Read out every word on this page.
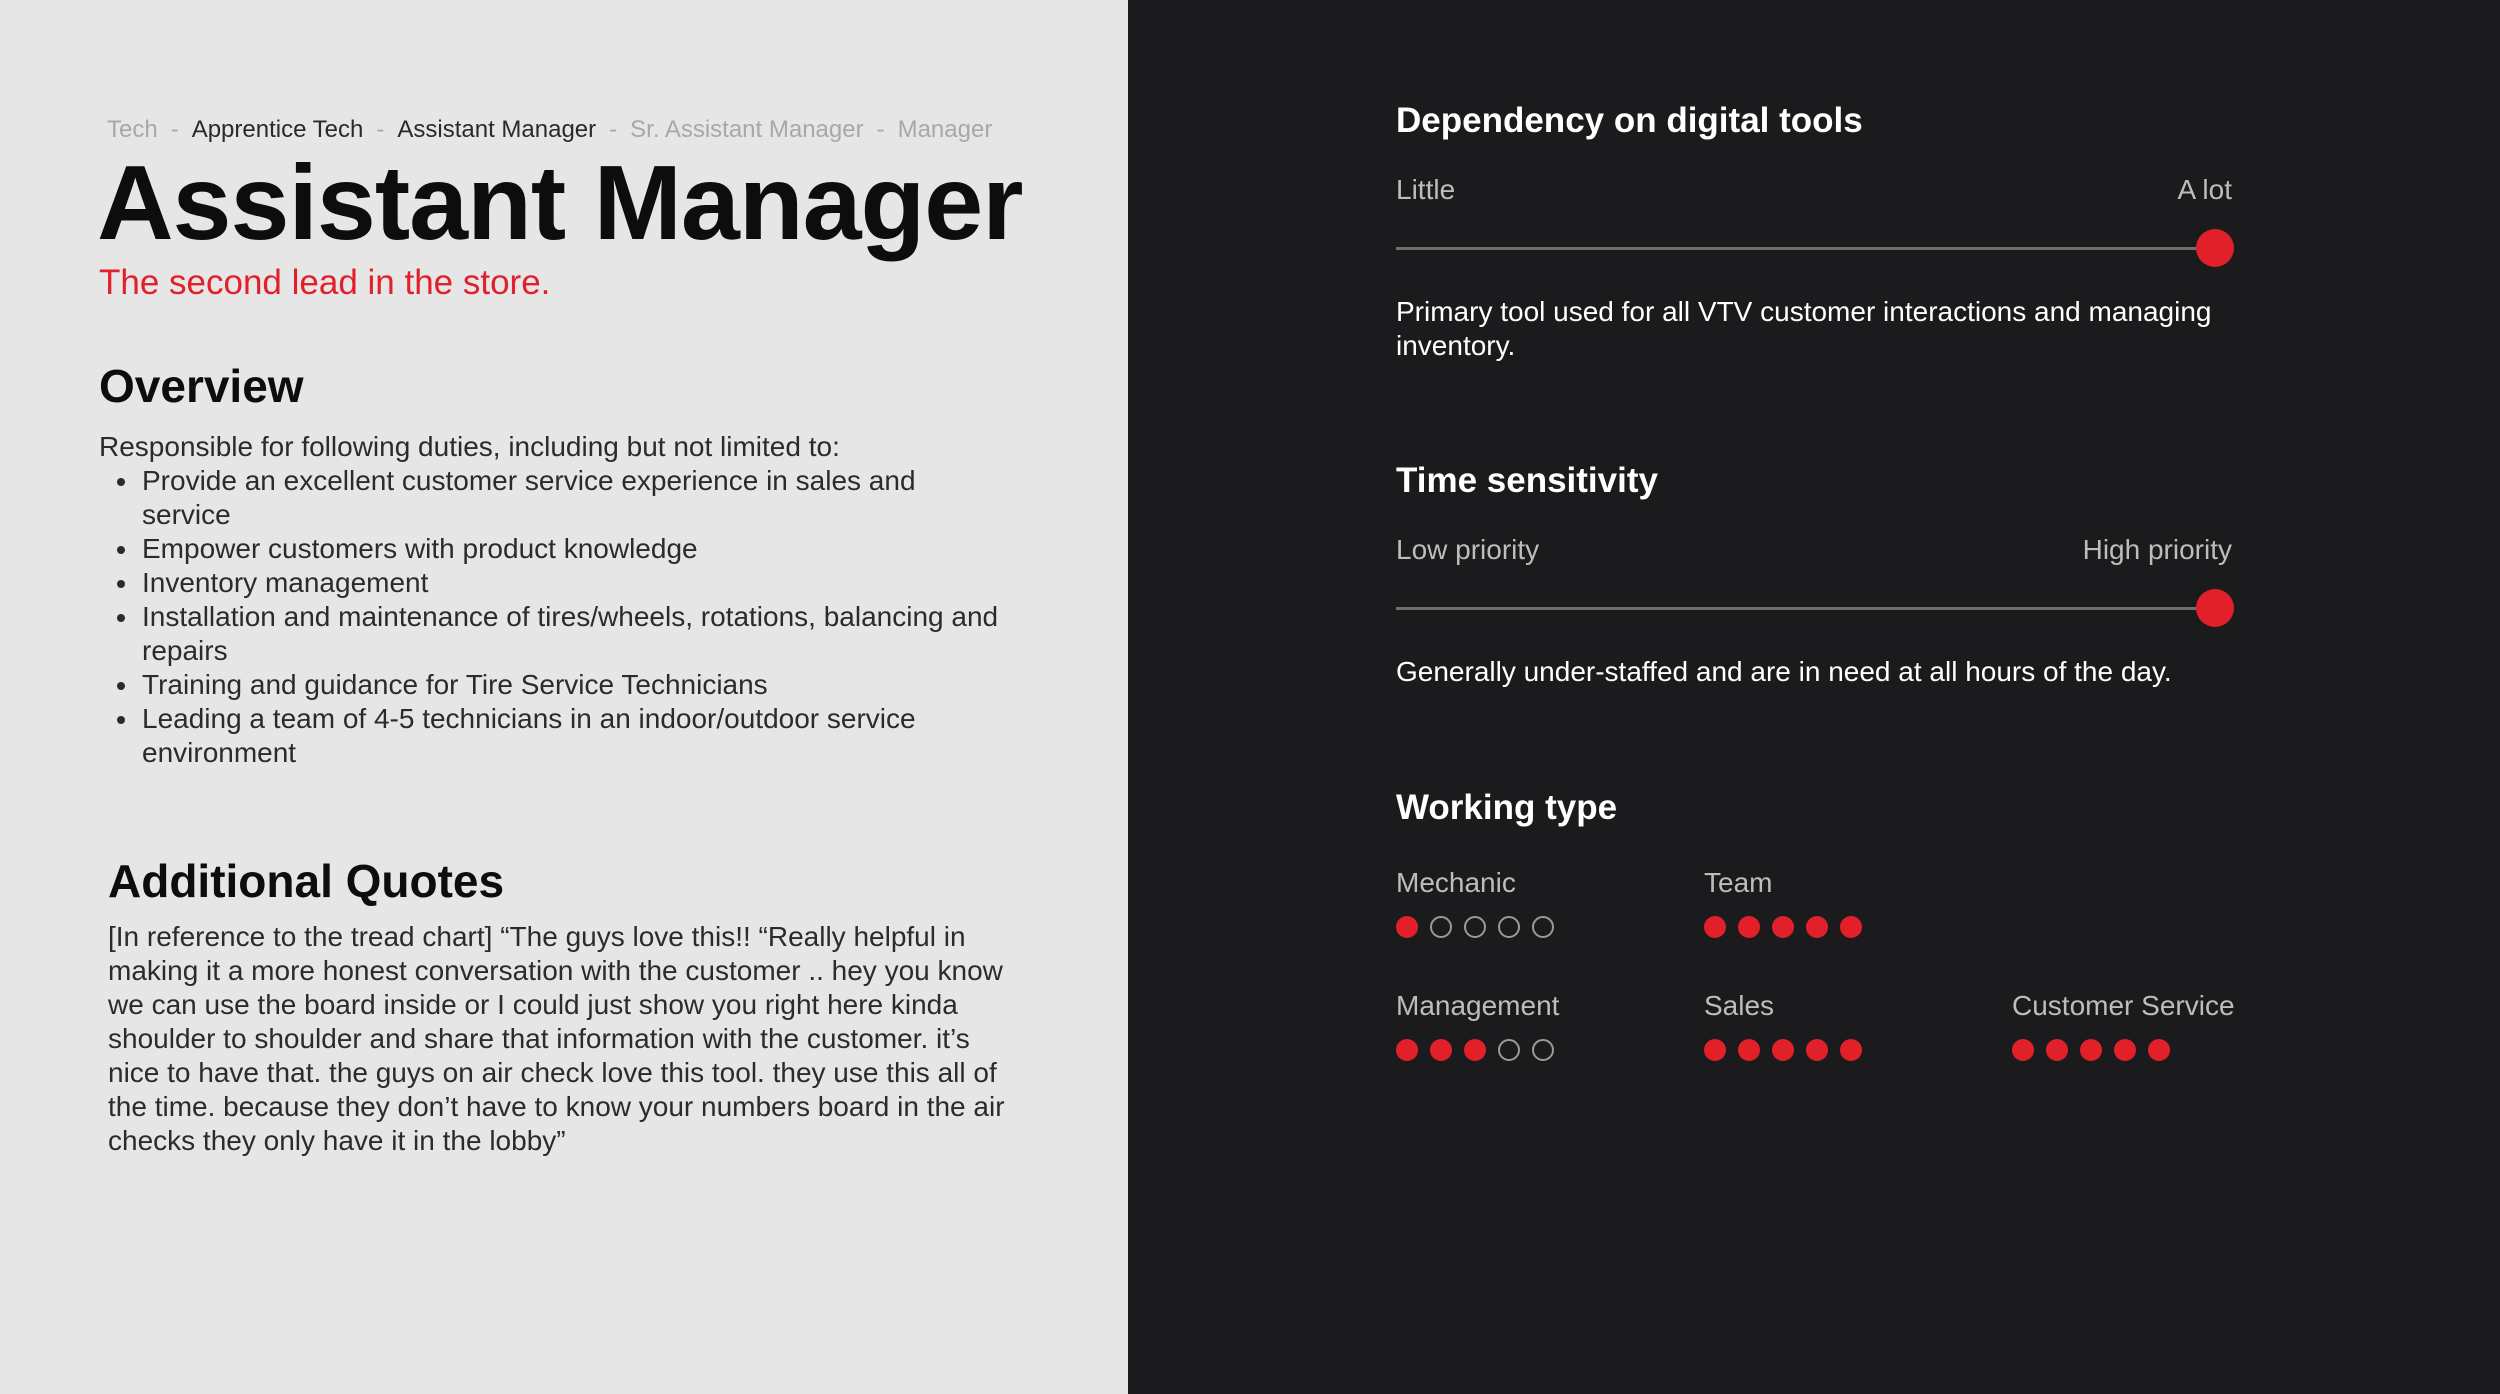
Tech - Apprentice Tech - Assistant Manager - Sr. Assistant Manager - Manager
Assistant Manager
The second lead in the store.
Overview
Responsible for following duties, including but not limited to:
Provide an excellent customer service experience in sales and service
Empower customers with product knowledge
Inventory management
Installation and maintenance of tires/wheels, rotations, balancing and repairs
Training and guidance for Tire Service Technicians
Leading a team of 4-5 technicians in an indoor/outdoor service environment
Additional Quotes

[In reference to the tread chart] “The guys love this!! “Really helpful in making it a more honest conversation with the customer .. hey you know we can use the board inside or I could just show you right here kinda shoulder to shoulder and share that information with the customer. it’s nice to have that. the guys on air check love this tool. they use this all of the time. because they don’t have to know your numbers board in the air checks they only have it in the lobby”

Dependency on digital tools
Little	A lot

Primary tool used for all VTV customer interactions and managing inventory.

Time sensitivity
Low priority	High priority

Generally under-staffed and are in need at all hours of the day.

Working type
Mechanic	Team
Management	Sales	Customer Service
